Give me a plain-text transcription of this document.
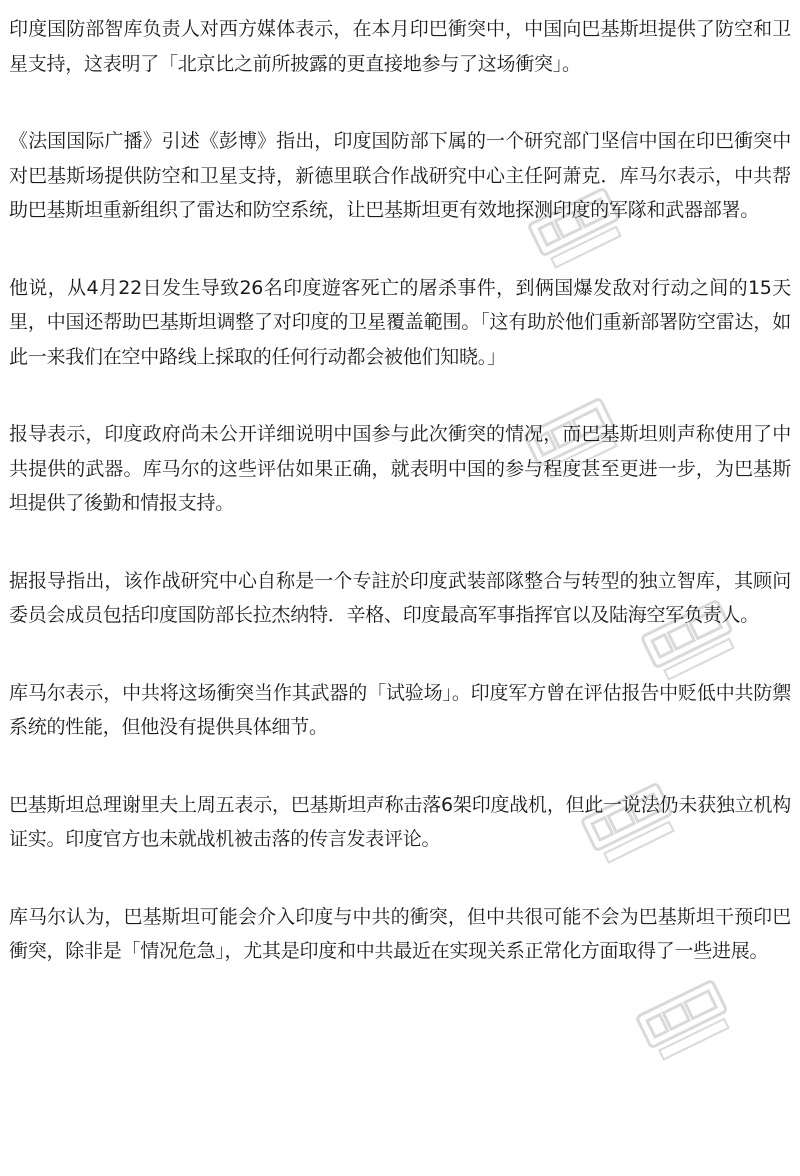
印度国防部智库负责人对西方媒体表示，在本月印巴衝突中，中国向巴基斯坦提供了防空和卫星支持，这表明了「北京比之前所披露的更直接地参与了这场衝突」。

《法国国际广播》引述《彭博》指出，印度国防部下属的一个研究部门坚信中国在印巴衝突中对巴基斯场提供防空和卫星支持，新德里联合作战研究中心主任阿萧克．库马尔表示，中共帮助巴基斯坦重新组织了雷达和防空系统，让巴基斯坦更有效地探测印度的军隊和武器部署。

他说，从4月22日发生导致26名印度遊客死亡的屠杀事件，到俩国爆发敌对行动之间的15天里，中国还帮助巴基斯坦调整了对印度的卫星覆盖範围。「这有助於他们重新部署防空雷达，如此一来我们在空中路线上採取的任何行动都会被他们知晓。」

报导表示，印度政府尚未公开详细说明中国参与此次衝突的情况，而巴基斯坦则声称使用了中共提供的武器。库马尔的这些评估如果正确，就表明中国的参与程度甚至更进一步，为巴基斯坦提供了後勤和情报支持。

据报导指出，该作战研究中心自称是一个专註於印度武装部隊整合与转型的独立智库，其顾问委员会成员包括印度国防部长拉杰纳特．辛格、印度最高军事指挥官以及陆海空军负责人。

库马尔表示，中共将这场衝突当作其武器的「试验场」。印度军方曾在评估报告中贬低中共防禦系统的性能，但他没有提供具体细节。

巴基斯坦总理谢里夫上周五表示，巴基斯坦声称击落6架印度战机，但此一说法仍未获独立机构证实。印度官方也未就战机被击落的传言发表评论。

库马尔认为，巴基斯坦可能会介入印度与中共的衝突，但中共很可能不会为巴基斯坦干预印巴衝突，除非是「情况危急」，尤其是印度和中共最近在实现关系正常化方面取得了一些进展。
